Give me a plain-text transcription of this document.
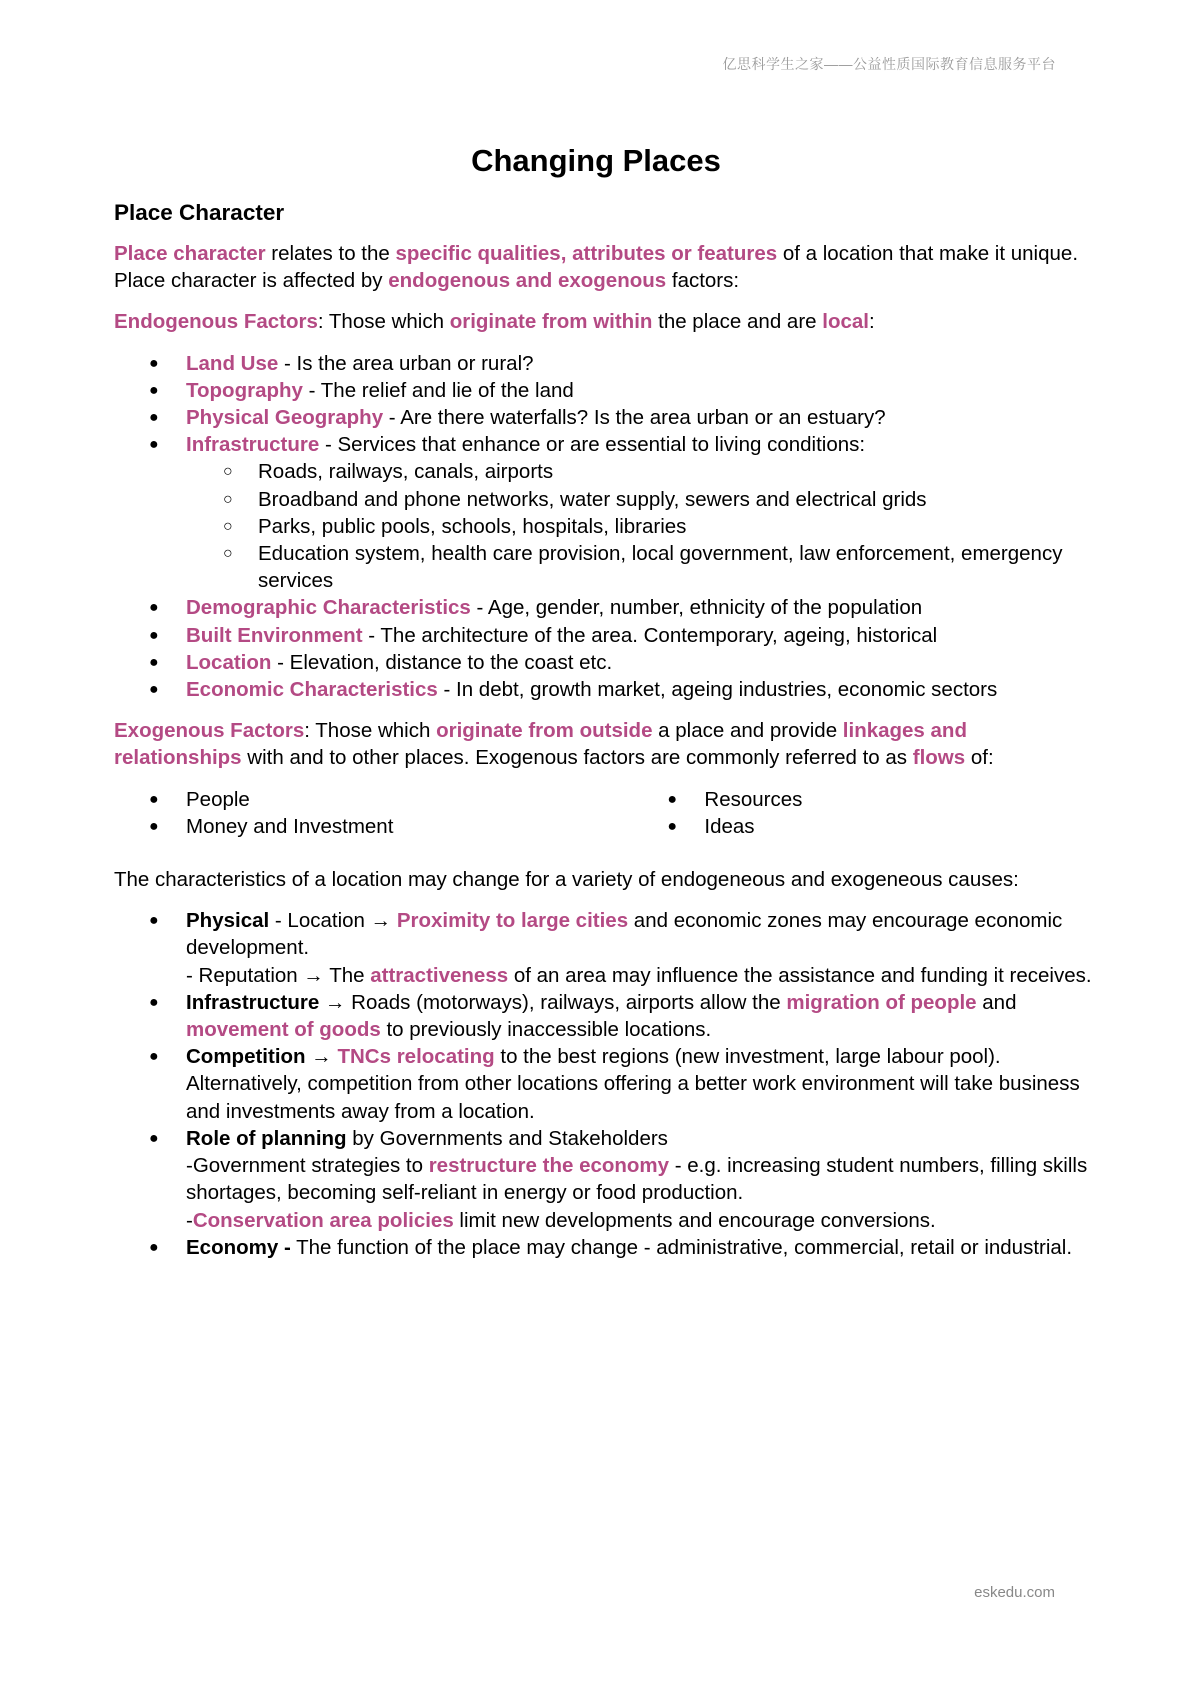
亿思科学生之家——公益性质国际教育信息服务平台
Changing Places
Place Character

Place character relates to the specific qualities, attributes or features of a location that make it unique. Place character is affected by endogenous and exogenous factors:

Endogenous Factors: Those which originate from within the place and are local:

● Land Use - Is the area urban or rural?
● Topography - The relief and lie of the land
● Physical Geography - Are there waterfalls? Is the area urban or an estuary?
● Infrastructure - Services that enhance or are essential to living conditions:
○ Roads, railways, canals, airports
○ Broadband and phone networks, water supply, sewers and electrical grids
○ Parks, public pools, schools, hospitals, libraries
○ Education system, health care provision, local government, law enforcement, emergency services
● Demographic Characteristics - Age, gender, number, ethnicity of the population
● Built Environment - The architecture of the area. Contemporary, ageing, historical
● Location - Elevation, distance to the coast etc.
● Economic Characteristics - In debt, growth market, ageing industries, economic sectors

Exogenous Factors: Those which originate from outside a place and provide linkages and relationships with and to other places. Exogenous factors are commonly referred to as flows of:

● People
● Money and Investment
● Resources
● Ideas

The characteristics of a location may change for a variety of endogeneous and exogeneous causes:

● Physical - Location → Proximity to large cities and economic zones may encourage economic development.
- Reputation → The attractiveness of an area may influence the assistance and funding it receives.
● Infrastructure → Roads (motorways), railways, airports allow the migration of people and movement of goods to previously inaccessible locations.
● Competition → TNCs relocating to the best regions (new investment, large labour pool). Alternatively, competition from other locations offering a better work environment will take business and investments away from a location.
● Role of planning by Governments and Stakeholders
-Government strategies to restructure the economy - e.g. increasing student numbers, filling skills shortages, becoming self-reliant in energy or food production.
-Conservation area policies limit new developments and encourage conversions.
● Economy - The function of the place may change - administrative, commercial, retail or industrial.
eskedu.com
